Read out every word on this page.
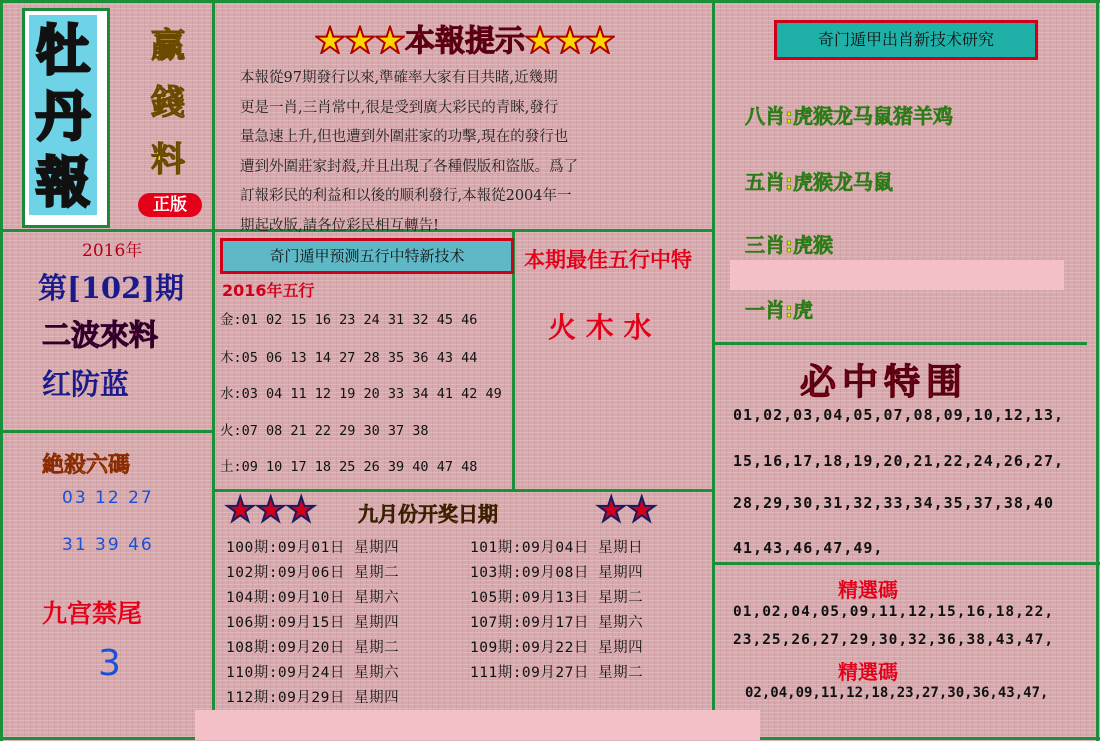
牡
丹
報
贏
錢
料
正版
★★★本報提示★★★
本報從97期發行以來,準確率大家有目共睹,近幾期
更是一肖,三肖常中,很是受到廣大彩民的青睞,發行
量急速上升,但也遭到外圍莊家的功擊,現在的發行也
遭到外圍莊家封殺,并且出現了各種假版和盜版。爲了
訂報彩民的利益和以後的顺利發行,本報從2004年一
期起改版,請各位彩民相互轉告!
奇门遁甲出肖新技术研究
八肖:虎猴龙马鼠猪羊鸡
五肖:虎猴龙马鼠
三肖:虎猴
一肖:虎
2016年
第[102]期
二波來料
红防蓝
奇门遁甲预测五行中特新技术
2016年五行
金:01 02 15 16 23 24 31 32 45 46
木:05 06 13 14 27 28 35 36 43 44
水:03 04 11 12 19 20 33 34 41 42 49
火:07 08 21 22 29 30 37 38
土:09 10 17 18 25 26 39 40 47 48
本期最佳五行中特
火 木 水
絶殺六碼
03 12 27
31 39 46
九宫禁尾
3
★★★ 九月份开奖日期	★★
100期:09月01日 星期四	101期:09月04日 星期日
102期:09月06日 星期二	103期:09月08日 星期四
104期:09月10日 星期六	105期:09月13日 星期二
106期:09月15日 星期四	107期:09月17日 星期六
108期:09月20日 星期二	109期:09月22日 星期四
110期:09月24日 星期六	111期:09月27日 星期二
112期:09月29日 星期四
必中特围
01,02,03,04,05,07,08,09,10,12,13,
15,16,17,18,19,20,21,22,24,26,27,
28,29,30,31,32,33,34,35,37,38,40
41,43,46,47,49,
精選碼
01,02,04,05,09,11,12,15,16,18,22,
23,25,26,27,29,30,32,36,38,43,47,
精選碼
02,04,09,11,12,18,23,27,30,36,43,47,
